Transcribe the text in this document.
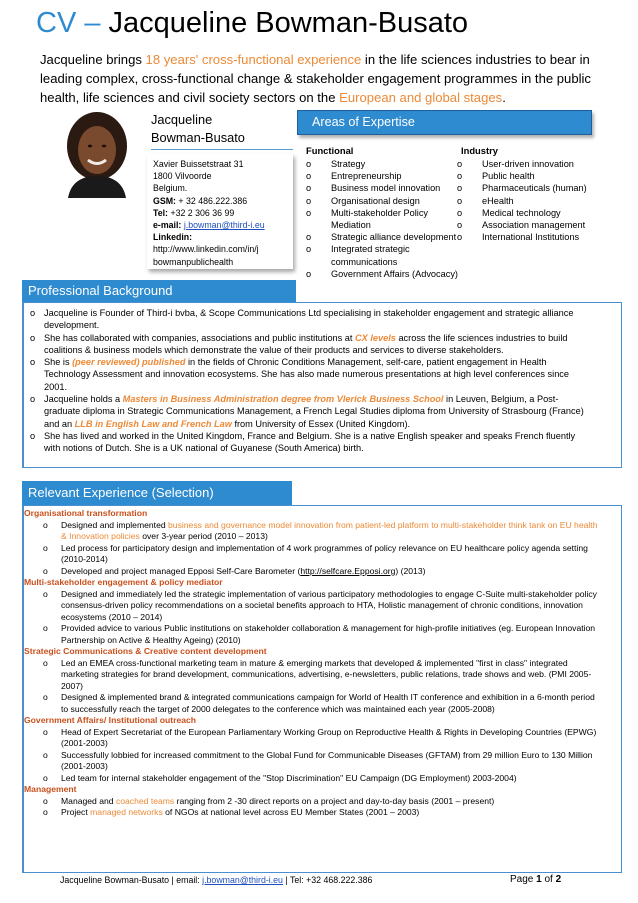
CV – Jacqueline Bowman-Busato
Jacqueline brings 18 years' cross-functional experience in the life sciences industries to bear in leading complex, cross-functional change & stakeholder engagement programmes in the public health, life sciences and civil society sectors on the European and global stages.
Jacqueline
Bowman-Busato
Xavier Buissetstraat 31
1800 Vilvoorde
Belgium.
GSM: + 32 486.222.386
Tel: +32 2 306 36 99
e-mail: j.bowman@third-i.eu
Linkedin:
http://www.linkedin.com/in/j
bowmanpublichealth
Areas of Expertise
Functional	Industry
o Strategy
o Entrepreneurship
o Business model innovation
o Organisational design
o Multi-stakeholder Policy Mediation
o Strategic alliance development
o Integrated strategic communications
o Government Affairs (Advocacy)
o User-driven innovation
o Public health
o Pharmaceuticals (human)
o eHealth
o Medical technology
o Association management
o International Institutions
Professional Background
o Jacqueline is Founder of Third-i bvba, & Scope Communications Ltd specialising in stakeholder engagement and strategic alliance development.
o She has collaborated with companies, associations and public institutions at CX levels across the life sciences industries to build coalitions & business models which demonstrate the value of their products and services to diverse stakeholders.
o She is (peer reviewed) published in the fields of Chronic Conditions Management, self-care, patient engagement in Health Technology Assessment and innovation ecosystems. She has also made numerous presentations at high level conferences since 2001.
o Jacqueline holds a Masters in Business Administration degree from Vlerick Business School in Leuven, Belgium, a Post-graduate diploma in Strategic Communications Management, a French Legal Studies diploma from University of Strasbourg (France) and an LLB in English Law and French Law from University of Essex (United Kingdom).
o She has lived and worked in the United Kingdom, France and Belgium. She is a native English speaker and speaks French fluently with notions of Dutch. She is a UK national of Guyanese (South America) birth.
Relevant Experience (Selection)
Organisational transformation
o Designed and implemented business and governance model innovation from patient-led platform to multi-stakeholder think tank on EU health & Innovation policies over 3-year period (2010 – 2013)
o Led process for participatory design and implementation of 4 work programmes of policy relevance on EU healthcare policy agenda setting (2010-2014)
o Developed and project managed Epposi Self-Care Barometer (http://selfcare.Epposi.org) (2013)
Multi-stakeholder engagement & policy mediator
o Designed and immediately led the strategic implementation of various participatory methodologies to engage C-Suite multi-stakeholder policy consensus-driven policy recommendations on a societal benefits approach to HTA, Holistic management of chronic conditions, innovation ecosystems (2010 – 2014)
o Provided advice to various Public institutions on stakeholder collaboration & management for high-profile initiatives (eg. European Innovation Partnership on Active & Healthy Ageing) (2010)
Strategic Communications & Creative content development
o Led an EMEA cross-functional marketing team in mature & emerging markets that developed & implemented "first in class" integrated marketing strategies for brand development, communications, advertising, e-newsletters, public relations, trade shows and web. (PMI 2005-2007)
o Designed & implemented brand & integrated communications campaign for World of Health IT conference and exhibition in a 6-month period to successfully reach the target of 2000 delegates to the conference which was maintained each year (2005-2008)
Government Affairs/ Institutional outreach
o Head of Expert Secretariat of the European Parliamentary Working Group on Reproductive Health & Rights in Developing Countries (EPWG) (2001-2003)
o Successfully lobbied for increased commitment to the Global Fund for Communicable Diseases (GFTAM) from 29 million Euro to 130 Million (2001-2003)
o Led team for internal stakeholder engagement of the "Stop Discrimination" EU Campaign (DG Employment) 2003-2004)
Management
o Managed and coached teams ranging from 2 -30 direct reports on a project and day-to-day basis (2001 – present)
o Project managed networks of NGOs at national level across EU Member States (2001 – 2003)
Jacqueline Bowman-Busato | email: j.bowman@third-i.eu | Tel: +32 468.222.386	Page 1 of 2
